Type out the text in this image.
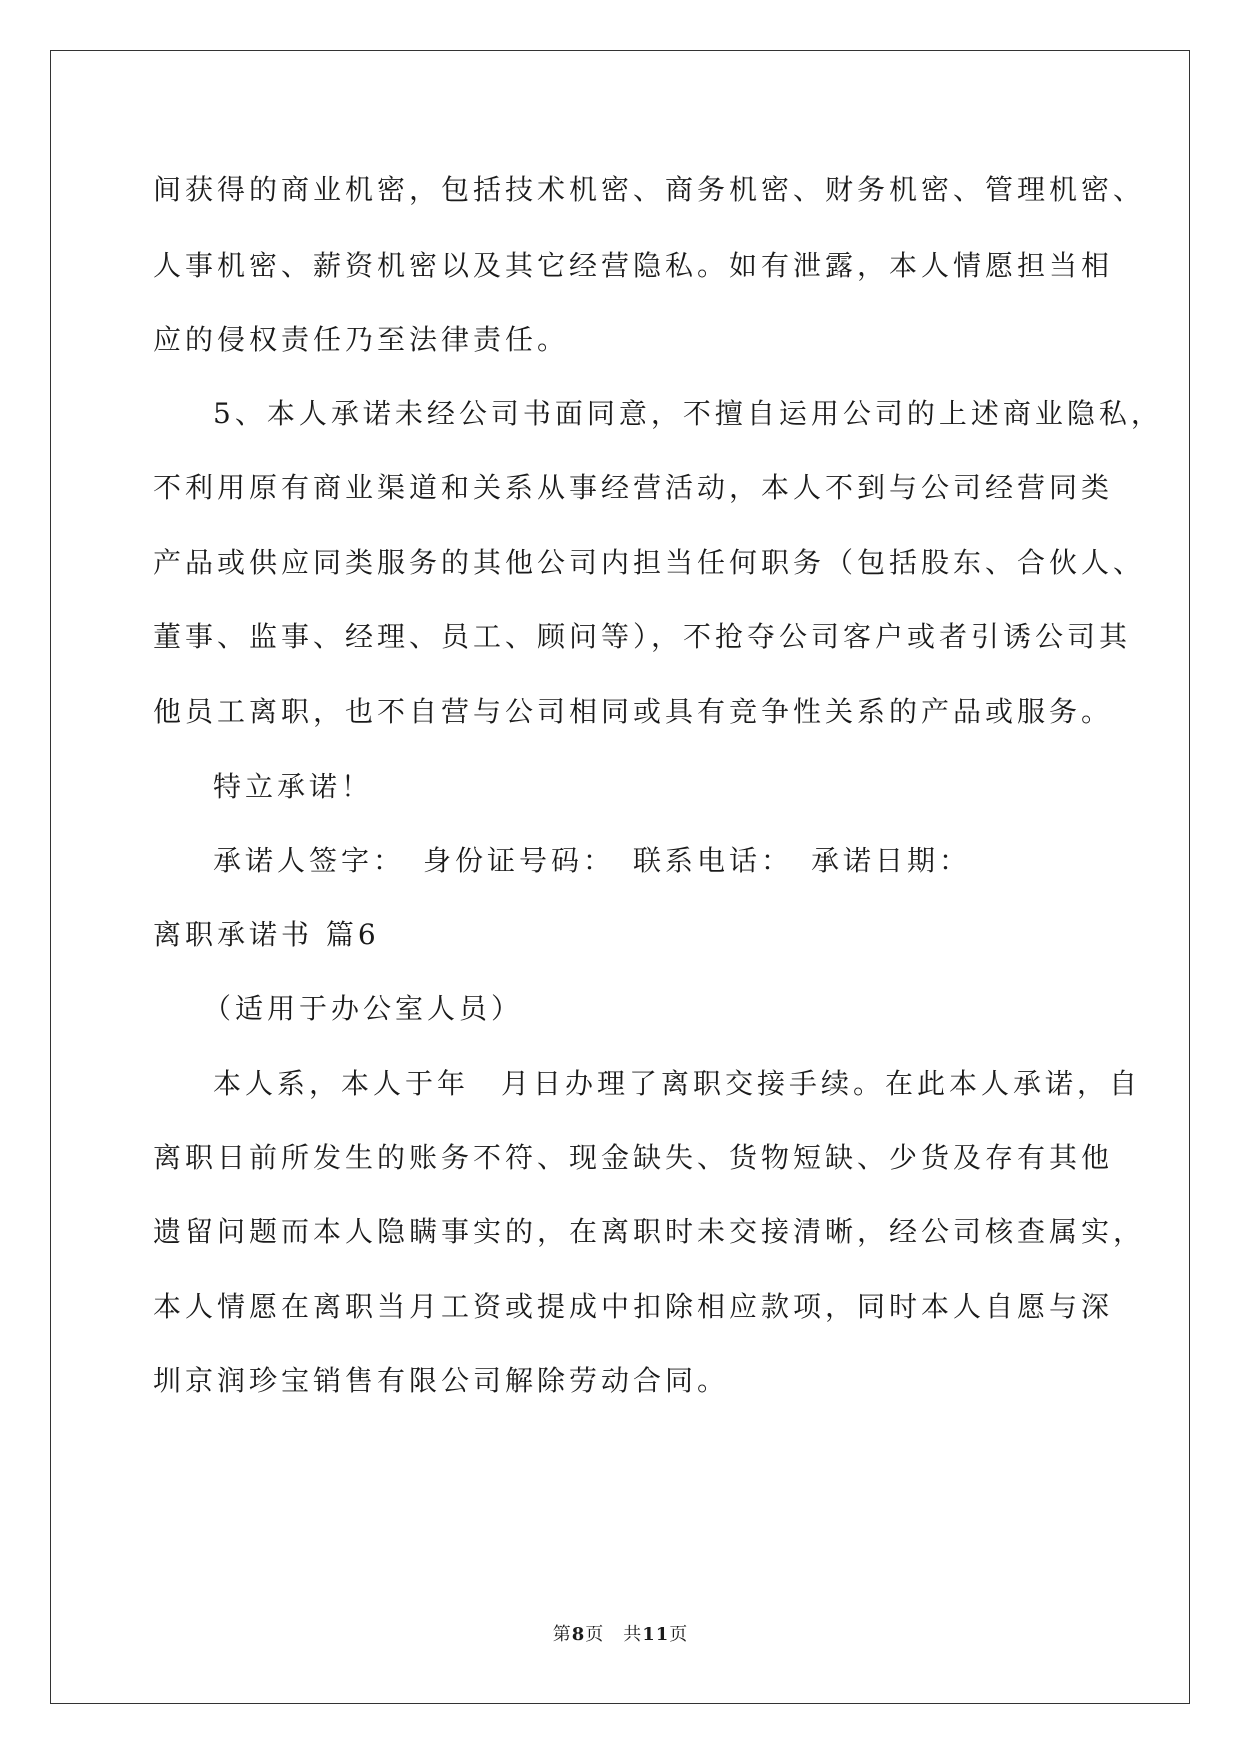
间获得的商业机密，包括技术机密、商务机密、财务机密、管理机密、
人事机密、薪资机密以及其它经营隐私。如有泄露，本人情愿担当相
应的侵权责任乃至法律责任。
5、本人承诺未经公司书面同意，不擅自运用公司的上述商业隐私，
不利用原有商业渠道和关系从事经营活动，本人不到与公司经营同类
产品或供应同类服务的其他公司内担当任何职务（包括股东、合伙人、
董事、监事、经理、员工、顾问等），不抢夺公司客户或者引诱公司其
他员工离职，也不自营与公司相同或具有竞争性关系的产品或服务。
特立承诺！
承诺人签字：　身份证号码：　联系电话：　承诺日期：
离职承诺书 篇6
（适用于办公室人员）
本人系，本人于年　月日办理了离职交接手续。在此本人承诺，自
离职日前所发生的账务不符、现金缺失、货物短缺、少货及存有其他
遗留问题而本人隐瞒事实的，在离职时未交接清晰，经公司核查属实，
本人情愿在离职当月工资或提成中扣除相应款项，同时本人自愿与深
圳京润珍宝销售有限公司解除劳动合同。
第8页　共11页
